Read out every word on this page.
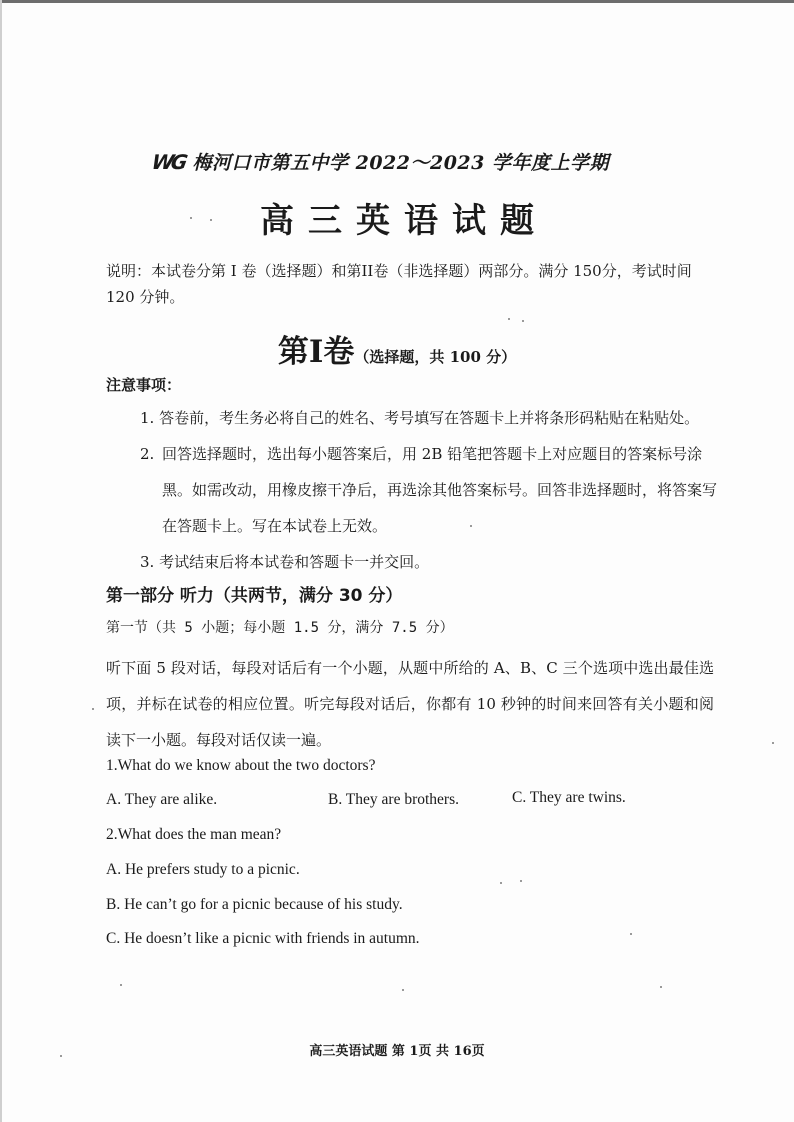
WG 梅河口市第五中学 2022～2023 学年度上学期
高三英语试题
说明：本试卷分第 I 卷（选择题）和第II卷（非选择题）两部分。满分 150分，考试时间 120 分钟。
第I卷（选择题，共 100 分）
注意事项：
1. 答卷前，考生务必将自己的姓名、考号填写在答题卡上并将条形码粘贴在粘贴处。
2. 回答选择题时，选出每小题答案后，用 2B 铅笔把答题卡上对应题目的答案标号涂黑。如需改动，用橡皮擦干净后，再选涂其他答案标号。回答非选择题时，将答案写在答题卡上。写在本试卷上无效。
3. 考试结束后将本试卷和答题卡一并交回。
第一部分 听力（共两节，满分 30 分）
第一节（共 5 小题；每小题 1.5 分，满分 7.5 分）
听下面 5 段对话，每段对话后有一个小题，从题中所给的 A、B、C 三个选项中选出最佳选项，并标在试卷的相应位置。听完每段对话后，你都有 10 秒钟的时间来回答有关小题和阅读下一小题。每段对话仅读一遍。
1.What do we know about the two doctors?
A. They are alike.	B. They are brothers.	C. They are twins.
2.What does the man mean?
A. He prefers study to a picnic.
B. He can’t go for a picnic because of his study.
C. He doesn’t like a picnic with friends in autumn.
高三英语试题 第 1页 共 16页
